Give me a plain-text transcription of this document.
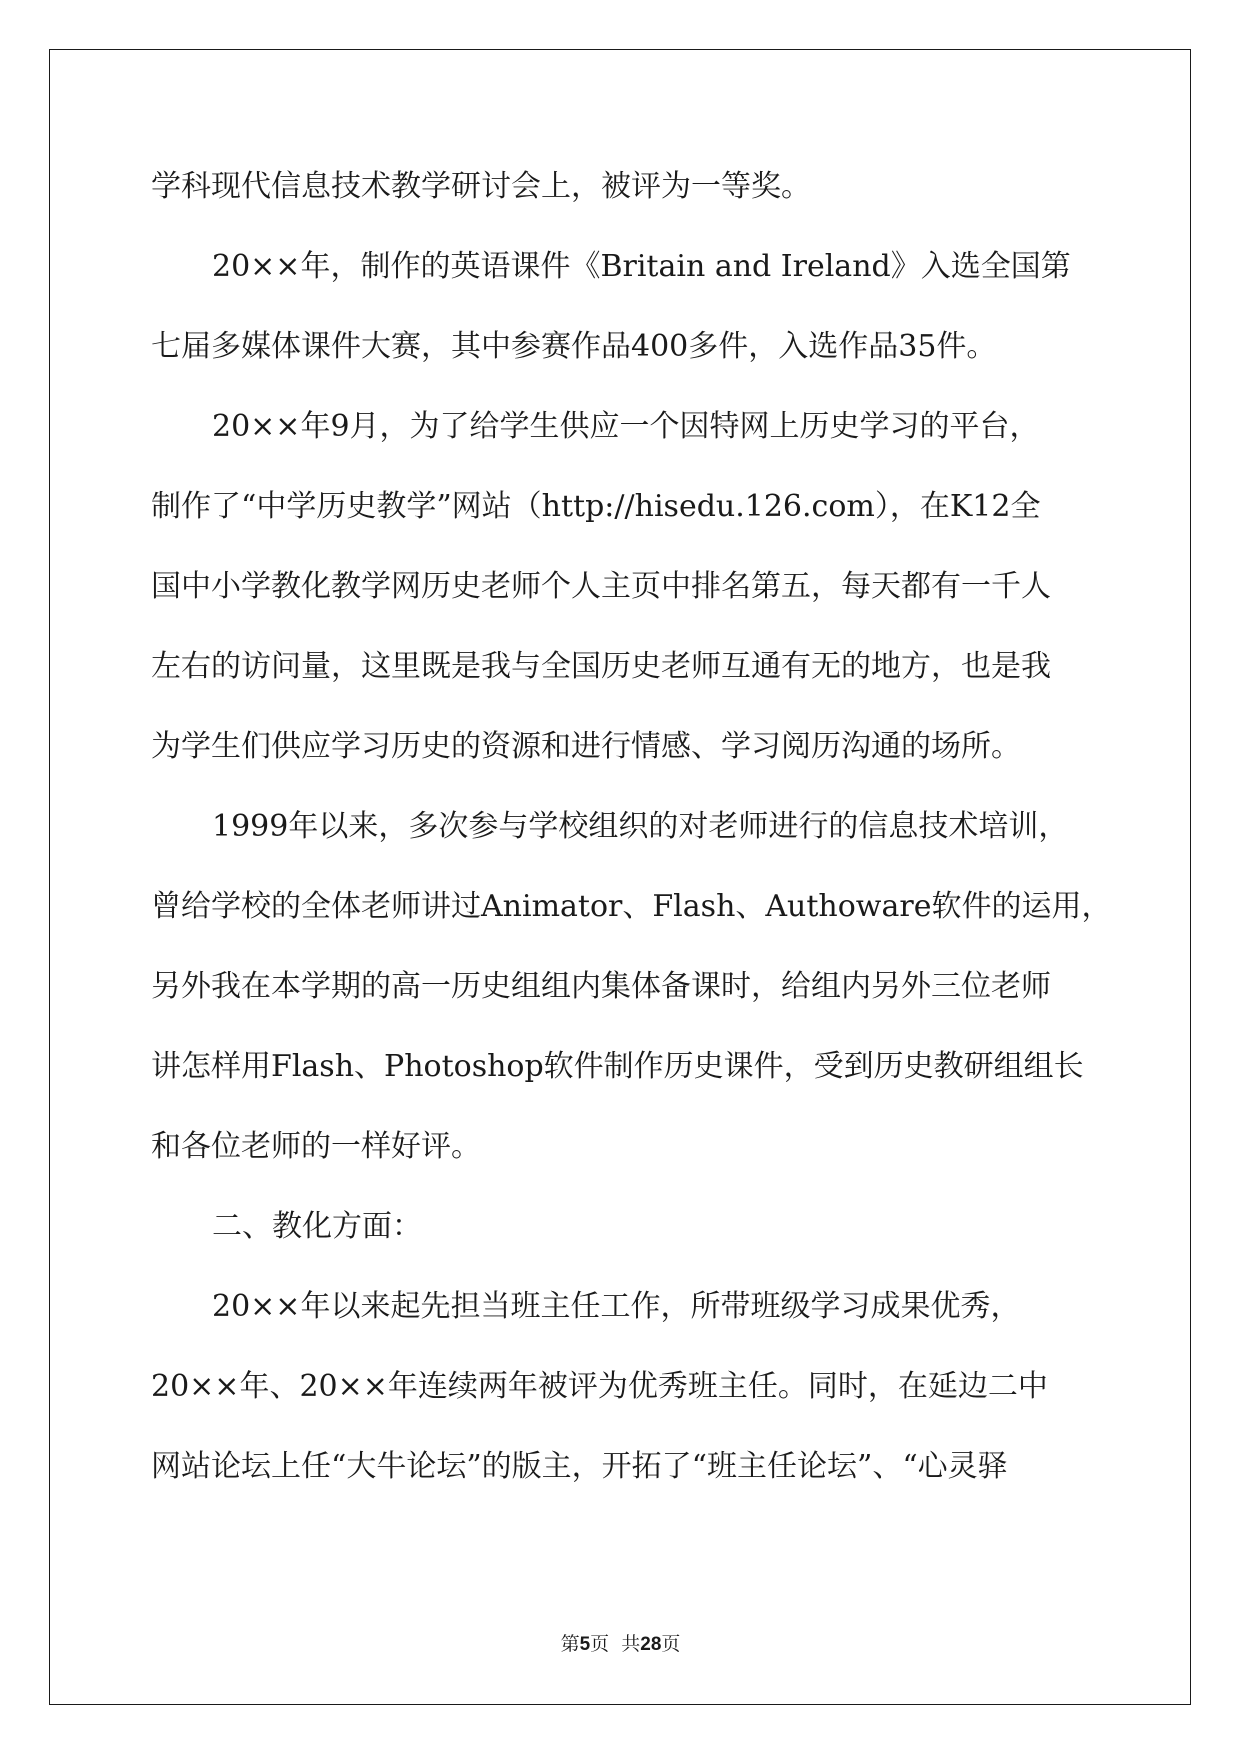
学科现代信息技术教学研讨会上，被评为一等奖。

20××年，制作的英语课件《Britain and Ireland》入选全国第

七届多媒体课件大赛，其中参赛作品400多件，入选作品35件。

20××年9月，为了给学生供应一个因特网上历史学习的平台，

制作了“中学历史教学”网站（http://hisedu.126.com），在K12全

国中小学教化教学网历史老师个人主页中排名第五，每天都有一千人

左右的访问量，这里既是我与全国历史老师互通有无的地方，也是我

为学生们供应学习历史的资源和进行情感、学习阅历沟通的场所。

1999年以来，多次参与学校组织的对老师进行的信息技术培训，

曾给学校的全体老师讲过Animator、Flash、Authoware软件的运用，

另外我在本学期的高一历史组组内集体备课时，给组内另外三位老师

讲怎样用Flash、Photoshop软件制作历史课件，受到历史教研组组长

和各位老师的一样好评。

二、教化方面：

20××年以来起先担当班主任工作，所带班级学习成果优秀，

20××年、20××年连续两年被评为优秀班主任。同时，在延边二中

网站论坛上任“大牛论坛”的版主，开拓了“班主任论坛”、“心灵驿

第5页  共28页
